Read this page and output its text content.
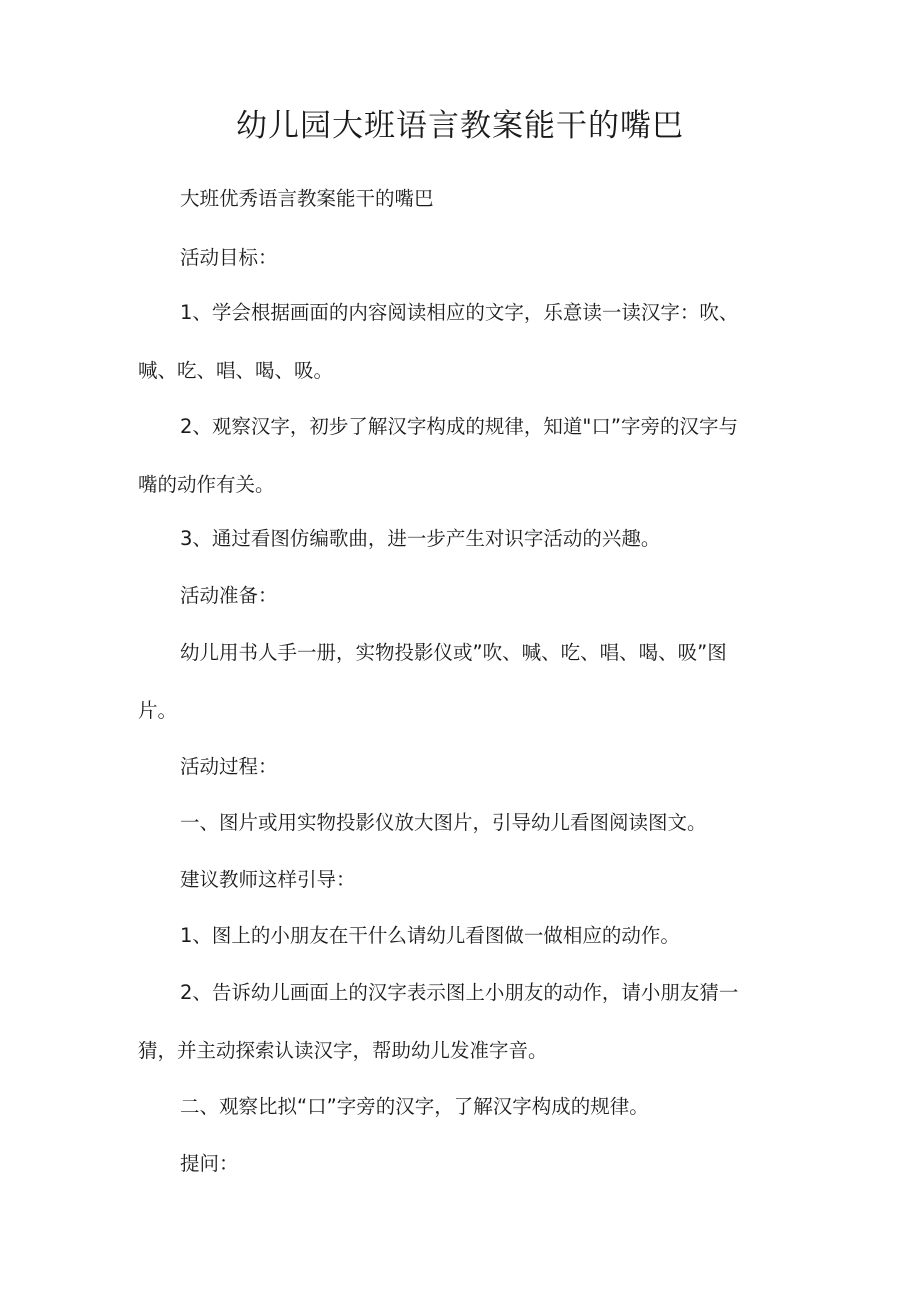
幼儿园大班语言教案能干的嘴巴

大班优秀语言教案能干的嘴巴

活动目标：

1、学会根据画面的内容阅读相应的文字，乐意读一读汉字：吹、
喊、吃、唱、喝、吸。
2、观察汉字，初步了解汉字构成的规律，知道"口”字旁的汉字与
嘴的动作有关。

3、通过看图仿编歌曲，进一步产生对识字活动的兴趣。

活动准备：

幼儿用书人手一册，实物投影仪或”吹、喊、吃、唱、喝、吸”图
片。

活动过程：

一、图片或用实物投影仪放大图片，引导幼儿看图阅读图文。

建议教师这样引导：

1、图上的小朋友在干什么请幼儿看图做一做相应的动作。

2、告诉幼儿画面上的汉字表示图上小朋友的动作，请小朋友猜一
猜，并主动探索认读汉字，帮助幼儿发准字音。

二、观察比拟“口”字旁的汉字，了解汉字构成的规律。

提问：
